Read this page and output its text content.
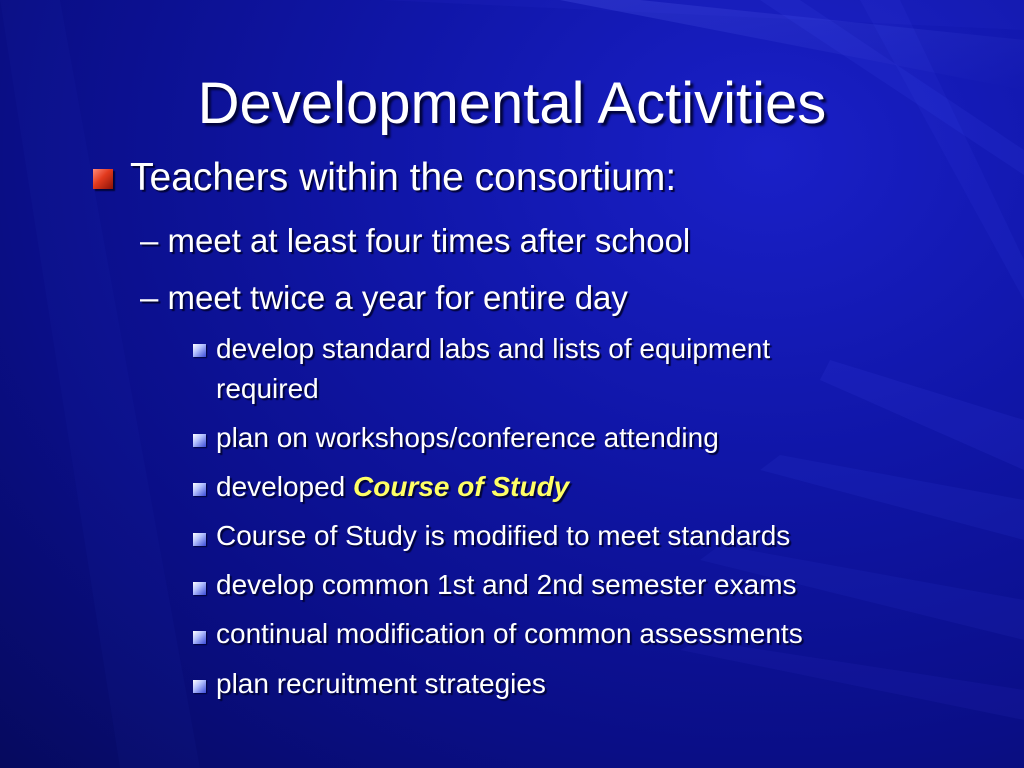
Developmental Activities
Teachers within the consortium:
– meet at least four times after school
– meet twice a year for entire day
develop standard labs and lists of equipment
required
plan on workshops/conference attending
developed Course of Study
Course of Study is modified to meet standards
develop common 1st and 2nd semester exams
continual modification of common assessments
plan recruitment strategies
